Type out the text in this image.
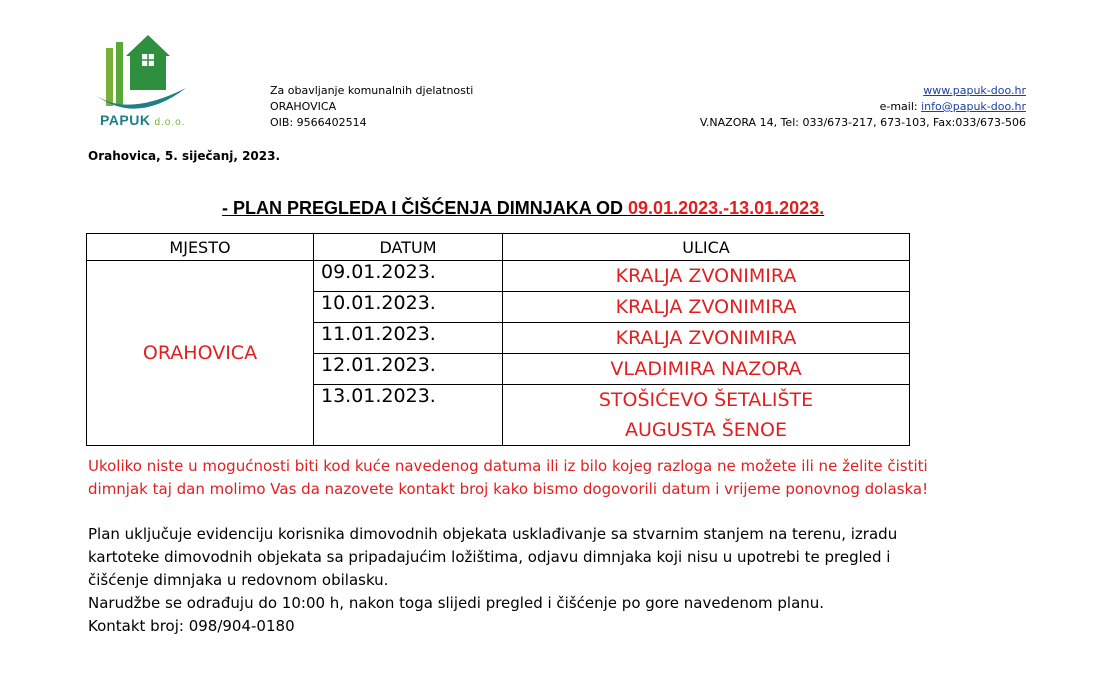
PAPUK d.o.o.
Za obavljanje komunalnih djelatnosti
ORAHOVICA
OIB: 9566402514
www.papuk-doo.hr
e-mail: info@papuk-doo.hr
V.NAZORA 14, Tel: 033/673-217, 673-103, Fax:033/673-506
Orahovica, 5. siječanj, 2023.
- PLAN PREGLEDA I ČIŠĆENJA DIMNJAKA OD 09.01.2023.-13.01.2023.
MJESTO	DATUM	ULICA
ORAHOVICA	09.01.2023.	KRALJA ZVONIMIRA

	10.01.2023.	KRALJA ZVONIMIRA

	11.01.2023.	KRALJA ZVONIMIRA

	12.01.2023.	VLADIMIRA NAZORA

	13.01.2023.	STOŠIĆEVO ŠETALIŠTE
AUGUSTA ŠENOE
Ukoliko niste u mogućnosti biti kod kuće navedenog datuma ili iz bilo kojeg razloga ne možete ili ne želite čistiti
dimnjak taj dan molimo Vas da nazovete kontakt broj kako bismo dogovorili datum i vrijeme ponovnog dolaska!
Plan uključuje evidenciju korisnika dimovodnih objekata usklađivanje sa stvarnim stanjem na terenu, izradu
kartoteke dimovodnih objekata sa pripadajućim ložištima, odjavu dimnjaka koji nisu u upotrebi te pregled i
čišćenje dimnjaka u redovnom obilasku.
Narudžbe se odrađuju do 10:00 h, nakon toga slijedi pregled i čišćenje po gore navedenom planu.
Kontakt broj: 098/904-0180
